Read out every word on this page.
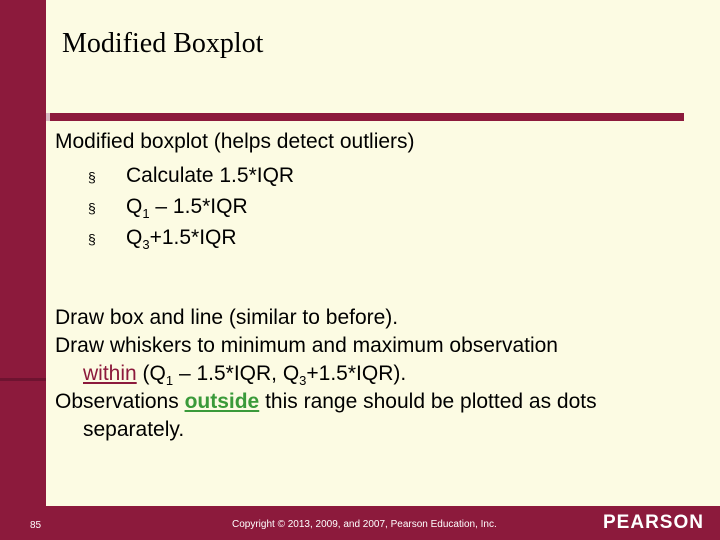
Modified Boxplot
Modified boxplot (helps detect outliers)
§	Calculate 1.5*IQR
§	$Q_1 - 1.5*IQR$
§	$Q_3+1.5*IQR$
Draw box and line (similar to before).
Draw whiskers to minimum and maximum observation
within ($Q_1 - 1.5*IQR$, $Q_3+1.5*IQR$).
Observations outside this range should be plotted as dots
separately.
85	Copyright © 2013, 2009, and 2007, Pearson Education, Inc.	PEARSON
